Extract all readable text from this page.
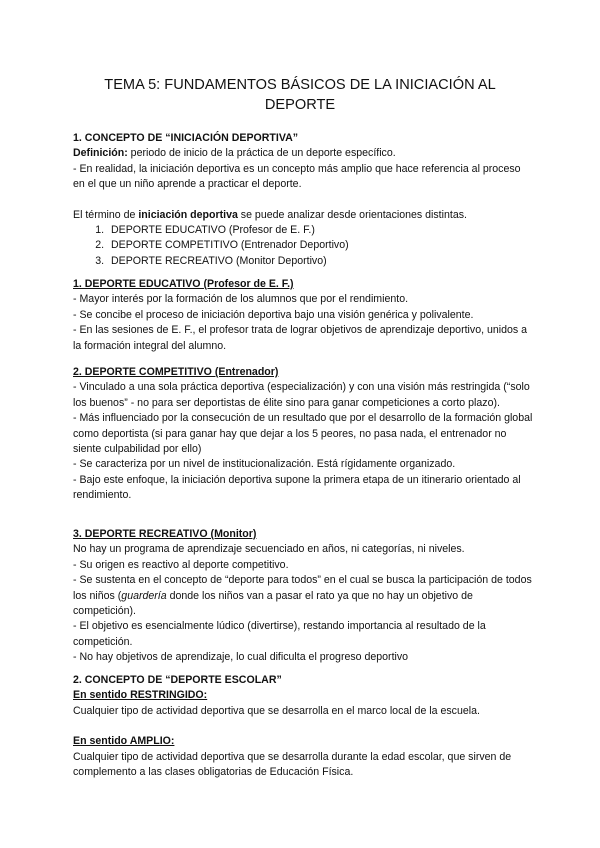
TEMA 5: FUNDAMENTOS BÁSICOS DE LA INICIACIÓN AL
DEPORTE

1. CONCEPTO DE “INICIACIÓN DEPORTIVA”

Definición: periodo de inicio de la práctica de un deporte específico.

- En realidad, la iniciación deportiva es un concepto más amplio que hace referencia al proceso en el que un niño aprende a practicar el deporte.

El término de iniciación deportiva se puede analizar desde orientaciones distintas.

1. DEPORTE EDUCATIVO (Profesor de E. F.)
2. DEPORTE COMPETITIVO (Entrenador Deportivo)
3. DEPORTE RECREATIVO (Monitor Deportivo)

1. DEPORTE EDUCATIVO (Profesor de E. F.)

- Mayor interés por la formación de los alumnos que por el rendimiento.

- Se concibe el proceso de iniciación deportiva bajo una visión genérica y polivalente.

- En las sesiones de E. F., el profesor trata de lograr objetivos de aprendizaje deportivo, unidos a la formación integral del alumno.

2. DEPORTE COMPETITIVO (Entrenador)

- Vinculado a una sola práctica deportiva (especialización) y con una visión más restringida (“solo los buenos” - no para ser deportistas de élite sino para ganar competiciones a corto plazo).

- Más influenciado por la consecución de un resultado que por el desarrollo de la formación global como deportista (si para ganar hay que dejar a los 5 peores, no pasa nada, el entrenador no siente culpabilidad por ello)

- Se caracteriza por un nivel de institucionalización. Está rígidamente organizado.

- Bajo este enfoque, la iniciación deportiva supone la primera etapa de un itinerario orientado al rendimiento.

3. DEPORTE RECREATIVO (Monitor)

No hay un programa de aprendizaje secuenciado en años, ni categorías, ni niveles.

- Su origen es reactivo al deporte competitivo.

- Se sustenta en el concepto de “deporte para todos” en el cual se busca la participación de todos los niños (guardería donde los niños van a pasar el rato ya que no hay un objetivo de competición).

- El objetivo es esencialmente lúdico (divertirse), restando importancia al resultado de la competición.

- No hay objetivos de aprendizaje, lo cual dificulta el progreso deportivo

2. CONCEPTO DE “DEPORTE ESCOLAR”

En sentido RESTRINGIDO:

Cualquier tipo de actividad deportiva que se desarrolla en el marco local de la escuela.

En sentido AMPLIO:

Cualquier tipo de actividad deportiva que se desarrolla durante la edad escolar, que sirven de complemento a las clases obligatorias de Educación Física.
